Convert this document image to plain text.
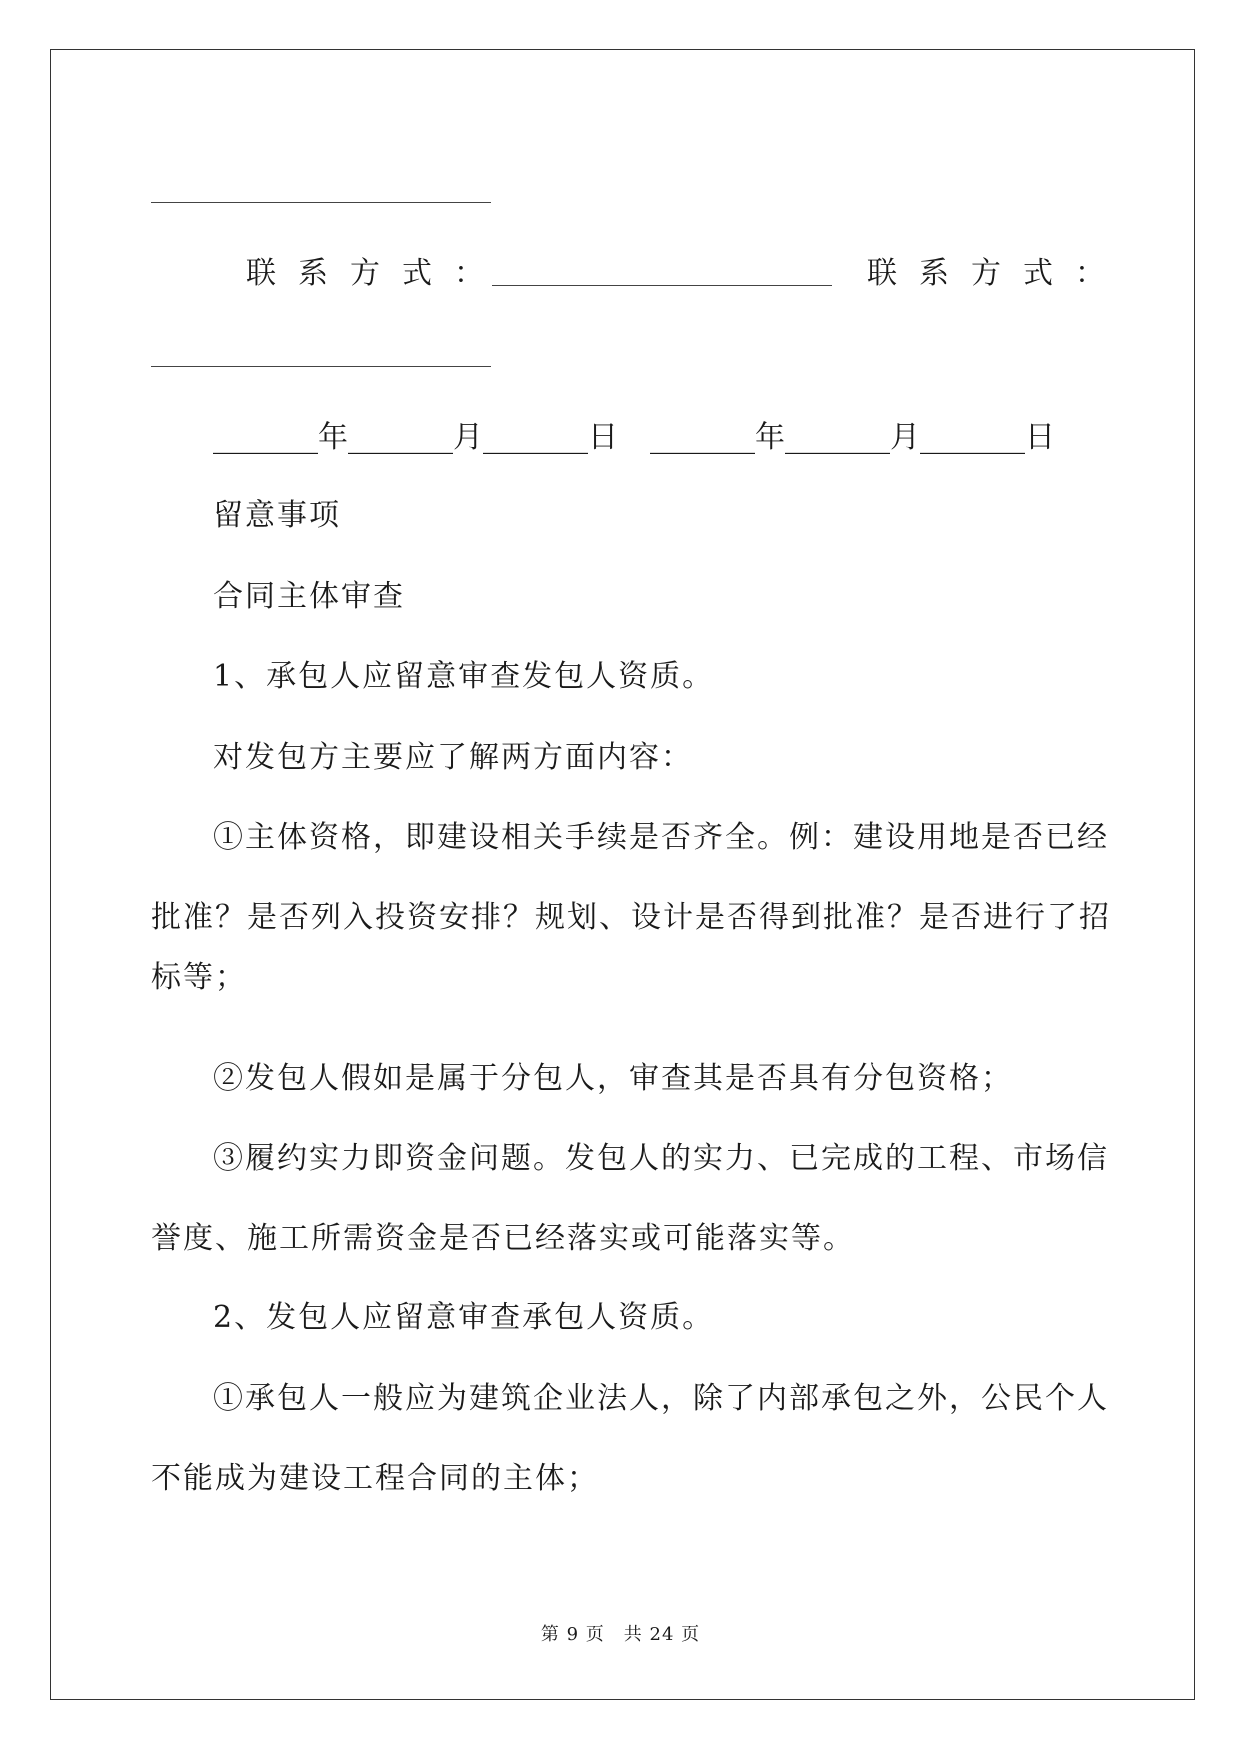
联系方式：	联系方式：
_______年_______月_______日 _______年_______月_______日
留意事项
合同主体审查
1、承包人应留意审查发包人资质。
对发包方主要应了解两方面内容：
①主体资格，即建设相关手续是否齐全。例：建设用地是否已经
批准？是否列入投资安排？规划、设计是否得到批准？是否进行了招
标等；
②发包人假如是属于分包人，审查其是否具有分包资格；
③履约实力即资金问题。发包人的实力、已完成的工程、市场信
誉度、施工所需资金是否已经落实或可能落实等。
2、发包人应留意审查承包人资质。
①承包人一般应为建筑企业法人，除了内部承包之外，公民个人
不能成为建设工程合同的主体；
第 9 页　共 24 页
